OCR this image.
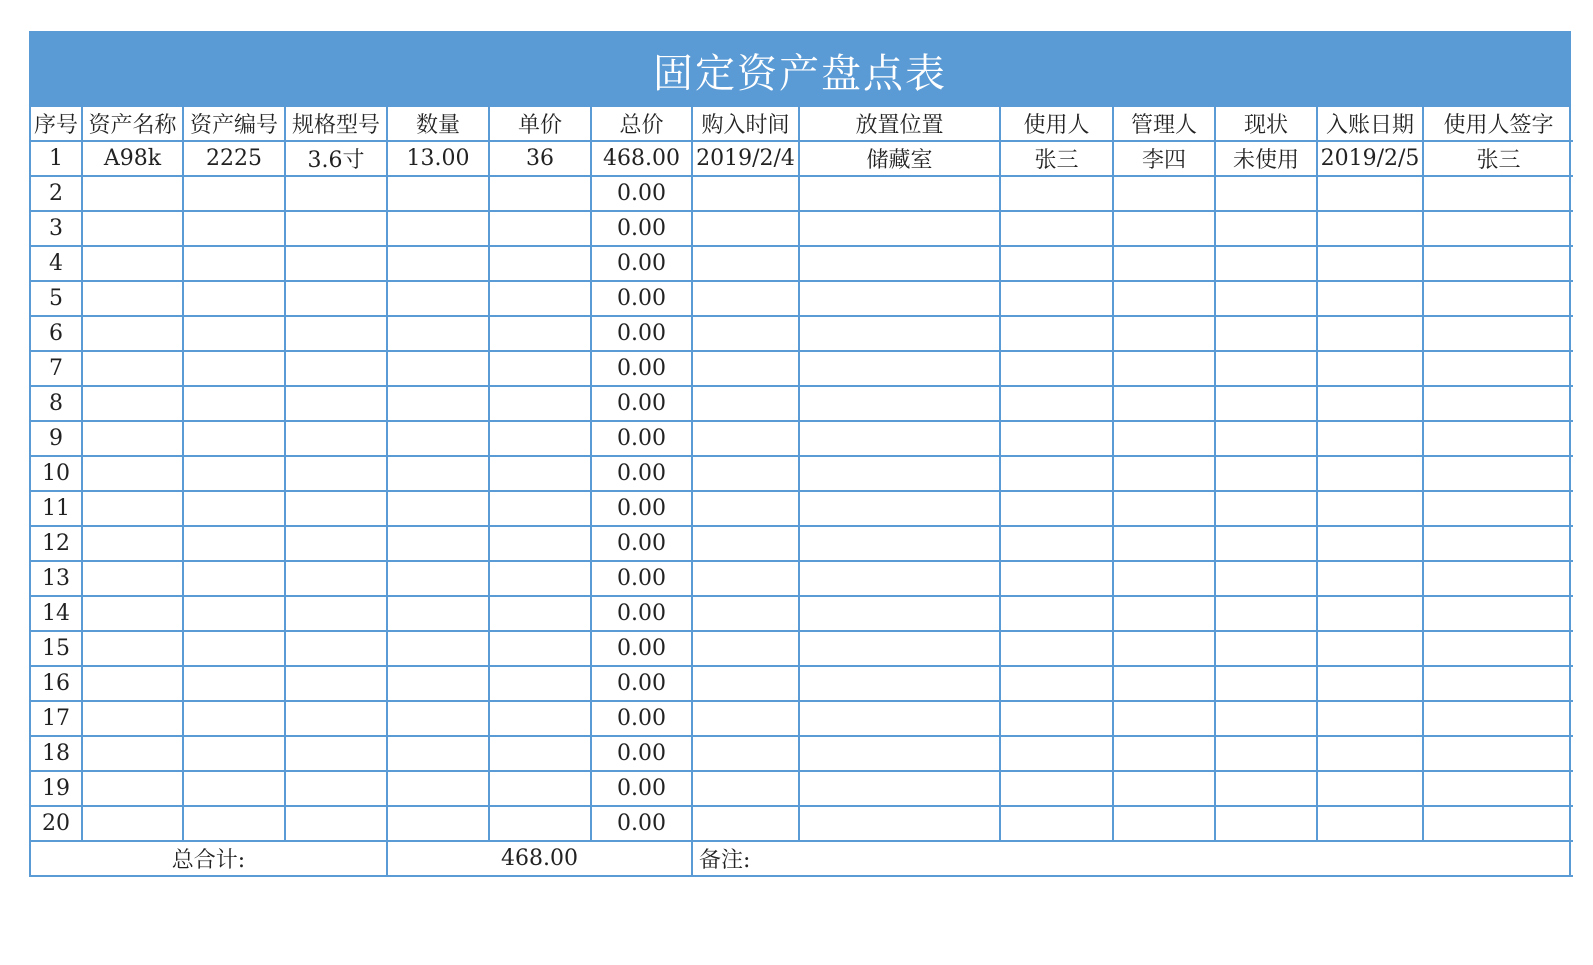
固定资产盘点表
序号	资产名称	资产编号	规格型号	数量	单价	总价	购入时间	放置位置	使用人	管理人	现状	入账日期	使用人签字
1	A98k	2225	3.6寸	13.00	36	468.00	2019/2/4	储藏室	张三	李四	未使用	2019/2/5	张三
2						0.00							
3						0.00							
4						0.00							
5						0.00							
6						0.00							
7						0.00							
8						0.00							
9						0.00							
10						0.00							
11						0.00							
12						0.00							
13						0.00							
14						0.00							
15						0.00							
16						0.00							
17						0.00							
18						0.00							
19						0.00							
20						0.00							
总合计:				468.00			备注:						
